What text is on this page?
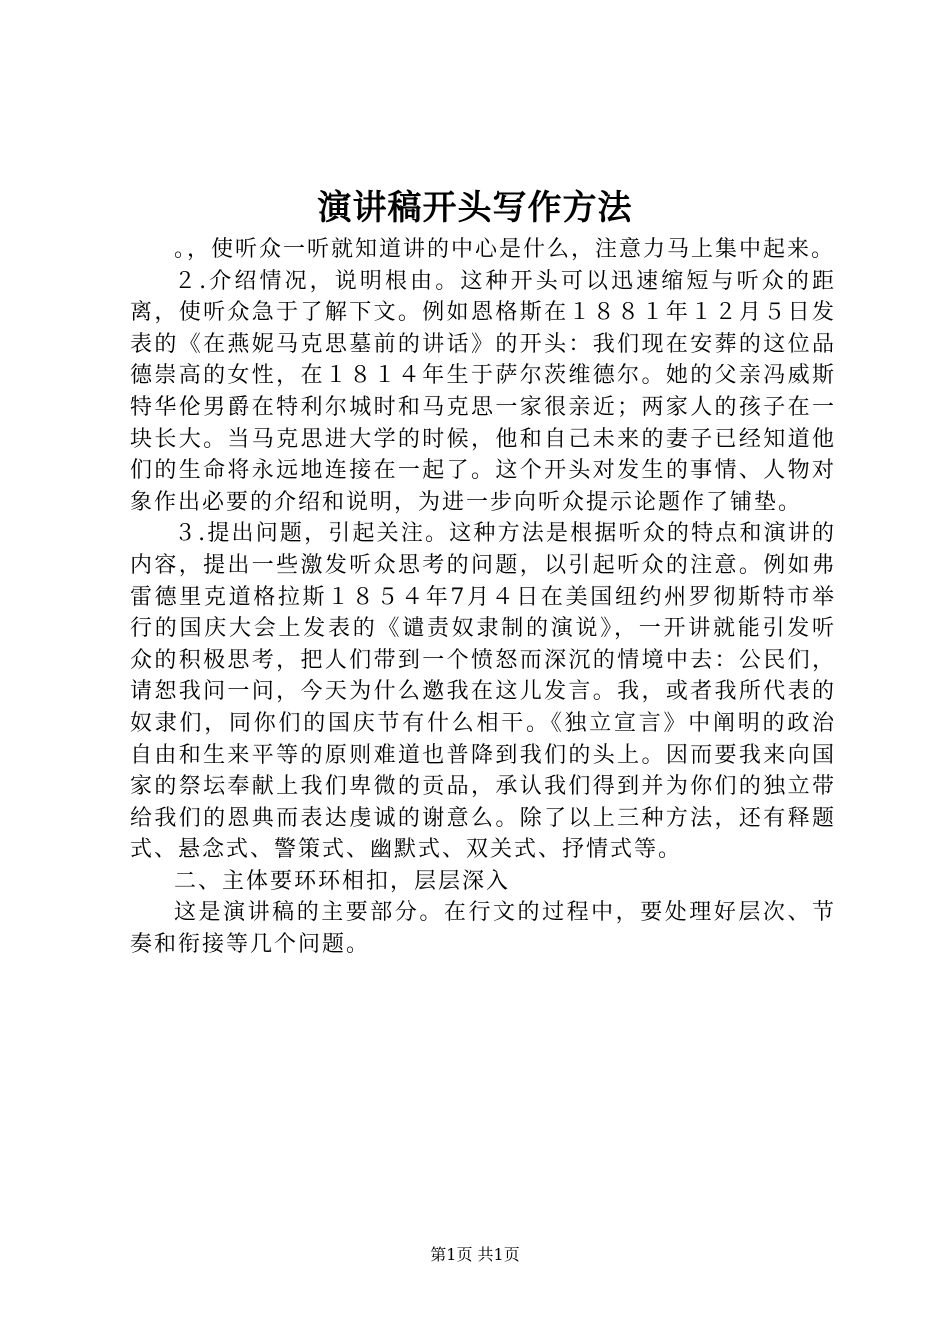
演讲稿开头写作方法

。，使听众一听就知道讲的中心是什么，注意力马上集中起来。

２.介绍情况，说明根由。这种开头可以迅速缩短与听众的距离，使听众急于了解下文。例如恩格斯在１８８１年１２月５日发表的《在燕妮马克思墓前的讲话》的开头：我们现在安葬的这位品德崇高的女性，在１８１４年生于萨尔茨维德尔。她的父亲冯威斯特华伦男爵在特利尔城时和马克思一家很亲近；两家人的孩子在一块长大。当马克思进大学的时候，他和自己未来的妻子已经知道他们的生命将永远地连接在一起了。这个开头对发生的事情、人物对象作出必要的介绍和说明，为进一步向听众提示论题作了铺垫。

３.提出问题，引起关注。这种方法是根据听众的特点和演讲的内容，提出一些激发听众思考的问题，以引起听众的注意。例如弗雷德里克道格拉斯１８５４年7月４日在美国纽约州罗彻斯特市举行的国庆大会上发表的《谴责奴隶制的演说》，一开讲就能引发听众的积极思考，把人们带到一个愤怒而深沉的情境中去：公民们，请恕我问一问，今天为什么邀我在这儿发言。我，或者我所代表的奴隶们，同你们的国庆节有什么相干。《独立宣言》中阐明的政治自由和生来平等的原则难道也普降到我们的头上。因而要我来向国家的祭坛奉献上我们卑微的贡品，承认我们得到并为你们的独立带给我们的恩典而表达虔诚的谢意么。除了以上三种方法，还有释题式、悬念式、警策式、幽默式、双关式、抒情式等。

二、主体要环环相扣，层层深入

这是演讲稿的主要部分。在行文的过程中，要处理好层次、节奏和衔接等几个问题。

第1页 共1页
